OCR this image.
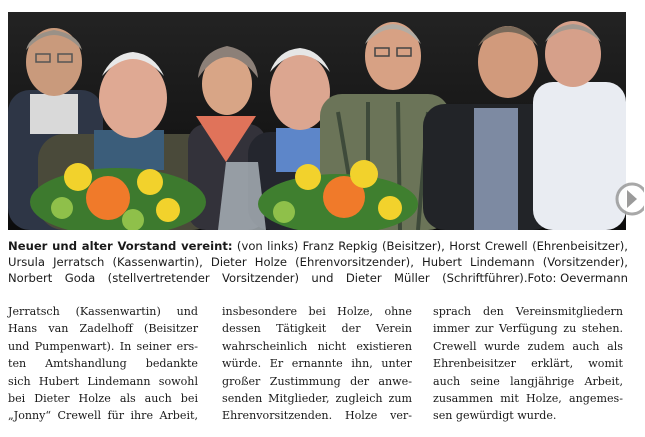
Neuer und alter Vorstand vereint: (von links) Franz Repkig (Beisitzer), Horst Crewell (Ehrenbeisitzer), Ursula Jerratsch (Kassenwartin), Dieter Holze (Ehrenvorsitzender), Hubert Lindemann (Vorsitzender), Norbert Goda (stellvertretender Vorsitzender) und Dieter Müller (Schriftführer). Foto: Oevermann

Jerratsch (Kassenwartin) und
Hans van Zadelhoff (Beisitzer
und Pumpenwart). In seiner ers-
ten Amtshandlung bedankte
sich Hubert Lindemann sowohl
bei Dieter Holze als auch bei
„Jonny“ Crewell für ihre Arbeit,
insbesondere bei Holze, ohne
dessen Tätigkeit der Verein
wahrscheinlich nicht existieren
würde. Er ernannte ihn, unter
großer Zustimmung der anwe-
senden Mitglieder, zugleich zum
Ehrenvorsitzenden. Holze ver-
sprach den Vereinsmitgliedern
immer zur Verfügung zu stehen.
Crewell wurde zudem auch als
Ehrenbeisitzer erklärt, womit
auch seine langjährige Arbeit,
zusammen mit Holze, angemes-
sen gewürdigt wurde.
